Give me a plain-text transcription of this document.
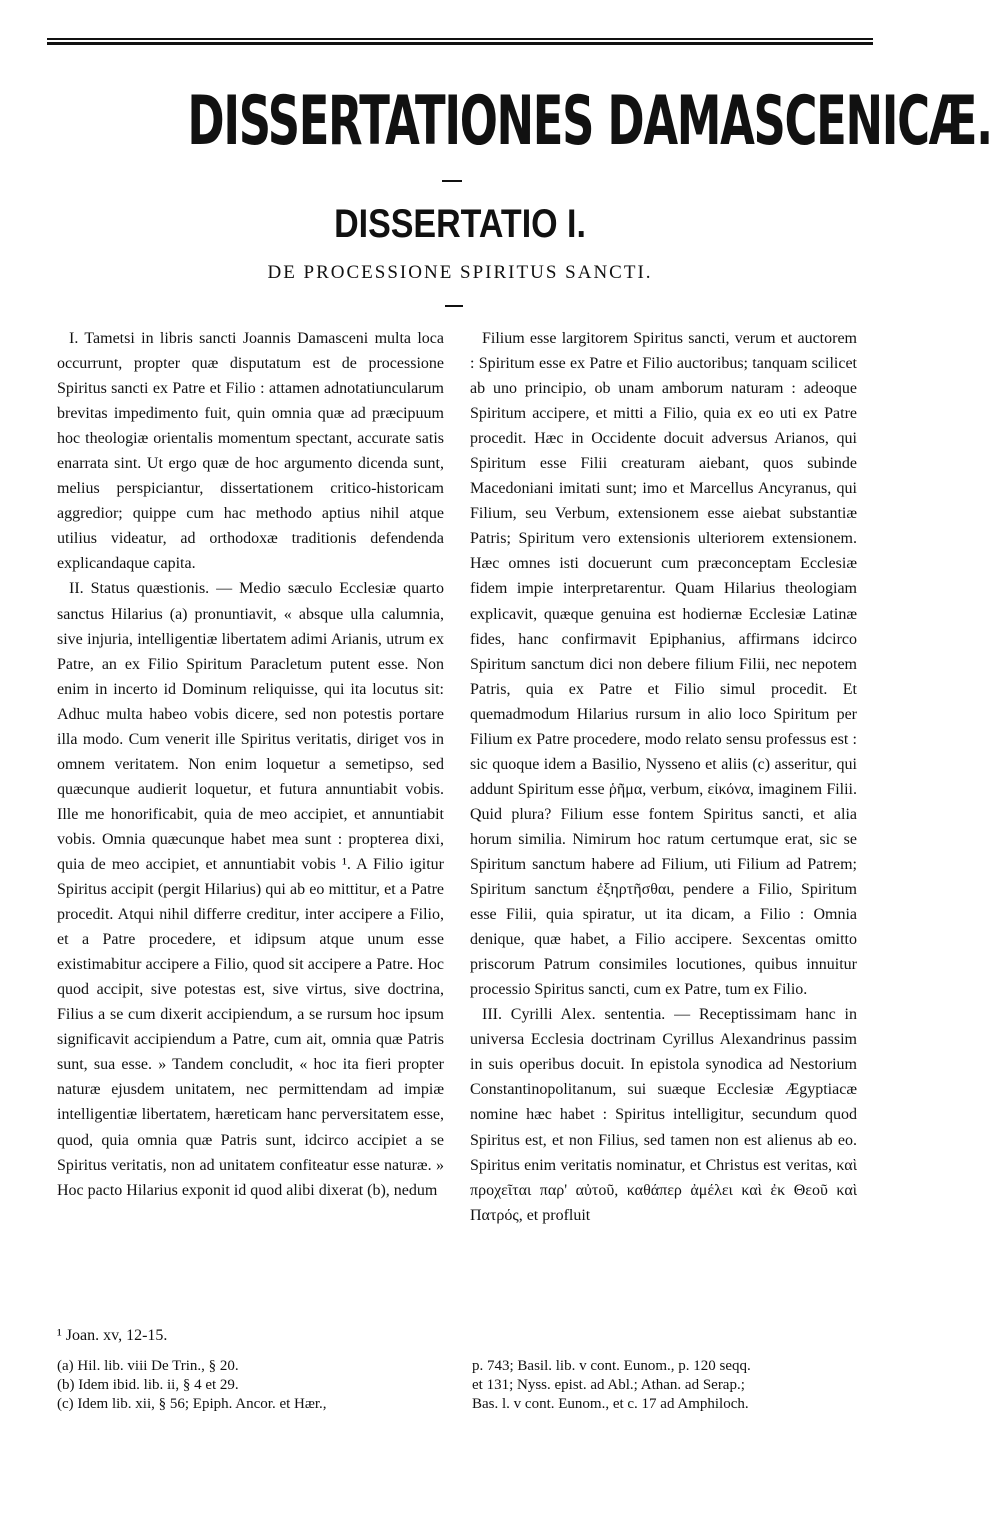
DISSERTATIONES DAMASCENICÆ.
DISSERTATIO I.
DE PROCESSIONE SPIRITUS SANCTI.

I. Tametsi in libris sancti Joannis Damasceni multa loca occurrunt, propter quæ disputatum est de processione Spiritus sancti ex Patre et Filio : attamen adnotatiuncularum brevitas impedimento fuit, quin omnia quæ ad præcipuum hoc theologiæ orientalis momentum spectant, accurate satis enarrata sint. Ut ergo quæ de hoc argumento dicenda sunt, melius perspiciantur, dissertationem critico-historicam aggredior; quippe cum hac methodo aptius nihil atque utilius videatur, ad orthodoxæ traditionis defendenda explicandaque capita.

II. Status quæstionis. — Medio sæculo Ecclesiæ quarto sanctus Hilarius (a) pronuntiavit, « absque ulla calumnia, sive injuria, intelligentiæ libertatem adimi Arianis, utrum ex Patre, an ex Filio Spiritum Paracletum putent esse. Non enim in incerto id Dominum reliquisse, qui ita locutus sit: Adhuc multa habeo vobis dicere, sed non potestis portare illa modo. Cum venerit ille Spiritus veritatis, diriget vos in omnem veritatem. Non enim loquetur a semetipso, sed quæcunque audierit loquetur, et futura annuntiabit vobis. Ille me honorificabit, quia de meo accipiet, et annuntiabit vobis. Omnia quæcunque habet mea sunt : propterea dixi, quia de meo accipiet, et annuntiabit vobis ¹. A Filio igitur Spiritus accipit (pergit Hilarius) qui ab eo mittitur, et a Patre procedit. Atqui nihil differre creditur, inter accipere a Filio, et a Patre procedere, et idipsum atque unum esse existimabitur accipere a Filio, quod sit accipere a Patre. Hoc quod accipit, sive potestas est, sive virtus, sive doctrina, Filius a se cum dixerit accipiendum, a se rursum hoc ipsum significavit accipiendum a Patre, cum ait, omnia quæ Patris sunt, sua esse. » Tandem concludit, « hoc ita fieri propter naturæ ejusdem unitatem, nec permittendam ad impiæ intelligentiæ libertatem, hæreticam hanc perversitatem esse, quod, quia omnia quæ Patris sunt, idcirco accipiet a se Spiritus veritatis, non ad unitatem confiteatur esse naturæ. » Hoc pacto Hilarius exponit id quod alibi dixerat (b), nedum

Filium esse largitorem Spiritus sancti, verum et auctorem : Spiritum esse ex Patre et Filio auctoribus; tanquam scilicet ab uno principio, ob unam amborum naturam : adeoque Spiritum accipere, et mitti a Filio, quia ex eo uti ex Patre procedit. Hæc in Occidente docuit adversus Arianos, qui Spiritum esse Filii creaturam aiebant, quos subinde Macedoniani imitati sunt; imo et Marcellus Ancyranus, qui Filium, seu Verbum, extensionem esse aiebat substantiæ Patris; Spiritum vero extensionis ulteriorem extensionem. Hæc omnes isti docuerunt cum præconceptam Ecclesiæ fidem impie interpretarentur. Quam Hilarius theologiam explicavit, quæque genuina est hodiernæ Ecclesiæ Latinæ fides, hanc confirmavit Epiphanius, affirmans idcirco Spiritum sanctum dici non debere filium Filii, nec nepotem Patris, quia ex Patre et Filio simul procedit. Et quemadmodum Hilarius rursum in alio loco Spiritum per Filium ex Patre procedere, modo relato sensu professus est : sic quoque idem a Basilio, Nysseno et aliis (c) asseritur, qui addunt Spiritum esse ῥῆμα, verbum, εἰκόνα, imaginem Filii. Quid plura? Filium esse fontem Spiritus sancti, et alia horum similia. Nimirum hoc ratum certumque erat, sic se Spiritum sanctum habere ad Filium, uti Filium ad Patrem; Spiritum sanctum ἐξηρτῆσθαι, pendere a Filio, Spiritum esse Filii, quia spiratur, ut ita dicam, a Filio : Omnia denique, quæ habet, a Filio accipere. Sexcentas omitto priscorum Patrum consimiles locutiones, quibus innuitur processio Spiritus sancti, cum ex Patre, tum ex Filio.

III. Cyrilli Alex. sententia. — Receptissimam hanc in universa Ecclesia doctrinam Cyrillus Alexandrinus passim in suis operibus docuit. In epistola synodica ad Nestorium Constantinopolitanum, sui suæque Ecclesiæ Ægyptiacæ nomine hæc habet : Spiritus intelligitur, secundum quod Spiritus est, et non Filius, sed tamen non est alienus ab eo. Spiritus enim veritatis nominatur, et Christus est veritas, καὶ προχεῖται παρ' αὐτοῦ, καθάπερ ἀμέλει καὶ ἐκ Θεοῦ καὶ Πατρός, et profluit

¹ Joan. xv, 12-15.
(a) Hil. lib. viii De Trin., § 20.
(b) Idem ibid. lib. ii, § 4 et 29.
(c) Idem lib. xii, § 56; Epiph. Ancor. et Hær.,
p. 743; Basil. lib. v cont. Eunom., p. 120 seqq.
et 131; Nyss. epist. ad Abl.; Athan. ad Serap.;
Bas. l. v cont. Eunom., et c. 17 ad Amphiloch.
